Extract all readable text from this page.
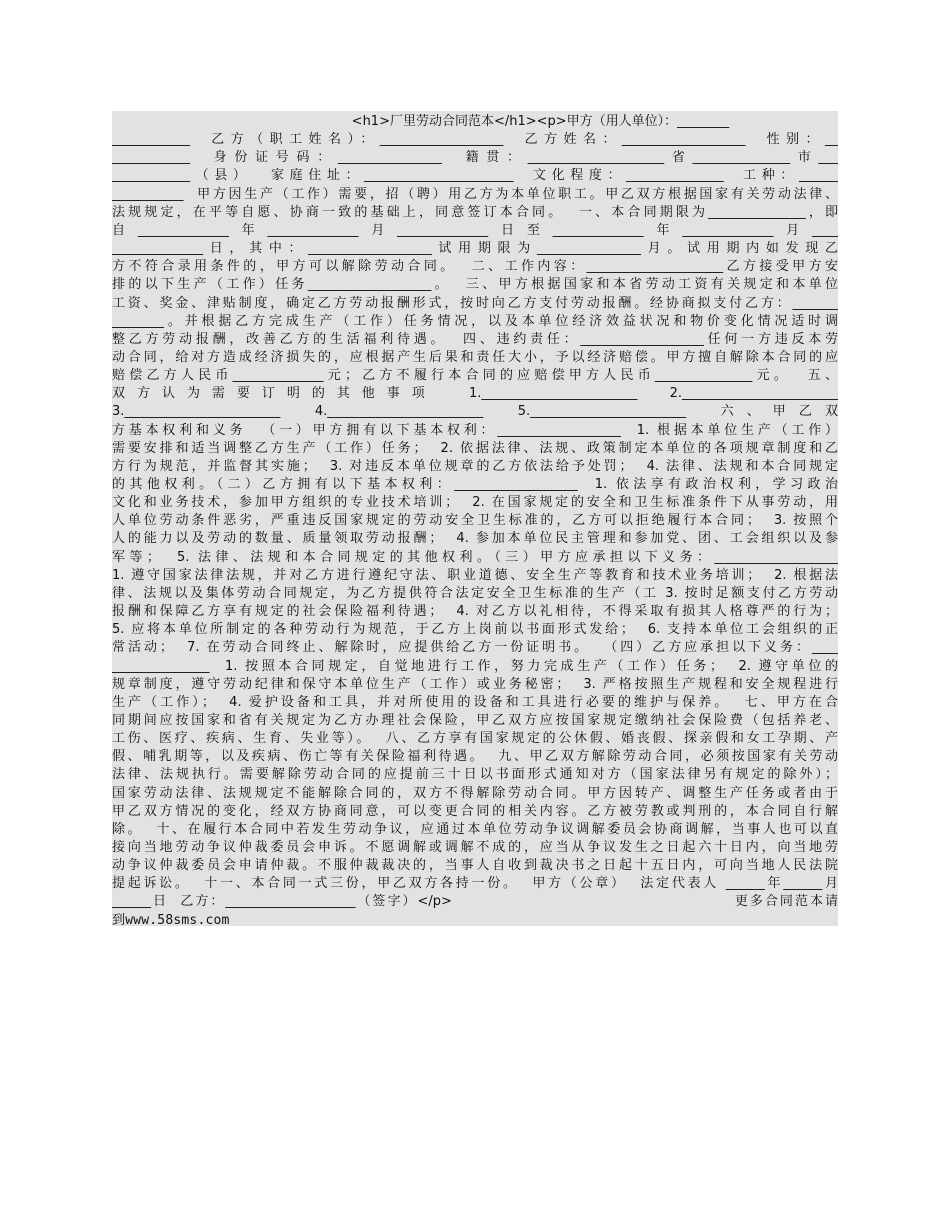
<h1>厂里劳动合同范本</h1><p>甲方（用人单位）：________
____________  乙方（职工姓名）：___________________  乙方姓名：___________________  性别：__
____________  身份证号码：________________  籍贯：_____________________省_______________市___
____________（县）  家庭住址：_______________________  文化程度：_______________  工种：______
___________  甲方因生产（工作）需要，招（聘）用乙方为本单位职工。甲乙双方根据国家有关劳动法律、
法规规定，在平等自愿、协商一致的基础上，同意签订本合同。  一、本合同期限为_______________，即
自______________年______________月______________日至______________年______________月____
______________日，其中：___________________试用期限为________________月。试用期内如发现乙
方不符合录用条件的，甲方可以解除劳动合同。  二、工作内容：_____________________乙方接受甲方安
排的以下生产（工作）任务___________________。  三、甲方根据国家和本省劳动工资有关规定和本单位
工资、奖金、津贴制度，确定乙方劳动报酬形式，按时向乙方支付劳动报酬。经协商拟支付乙方：_______
________。并根据乙方完成生产（工作）任务情况，以及本单位经济效益状况和物价变化情况适时调
整乙方劳动报酬，改善乙方的生活福利待遇。  四、违约责任：___________________任何一方违反本劳
动合同，给对方造成经济损失的，应根据产生后果和责任大小，予以经济赔偿。甲方擅自解除本合同的应
赔偿乙方人民币______________元；乙方不履行本合同的应赔偿甲方人民币_______________元。  五、
双方认为需要订明的其他事项  1.________________________  2.________________________
3.________________________  4.________________________  5.________________________  六、甲乙双
方基本权利和义务  （一）甲方拥有以下基本权利：___________________  1. 根据本单位生产（工作）
需要安排和适当调整乙方生产（工作）任务；  2. 依据法律、法规、政策制定本单位的各项规章制度和乙
方行为规范，并监督其实施；  3. 对违反本单位规章的乙方依法给予处罚；  4. 法律、法规和本合同规定
的其他权利。（二）乙方拥有以下基本权利：___________________  1. 依法享有政治权利，学习政治
文化和业务技术，参加甲方组织的专业技术培训；  2. 在国家规定的安全和卫生标准条件下从事劳动，用
人单位劳动条件恶劣，严重违反国家规定的劳动安全卫生标准的，乙方可以拒绝履行本合同；  3. 按照个
人的能力以及劳动的数量、质量领取劳动报酬；  4. 参加本单位民主管理和参加党、团、工会组织以及参
军等；  5. 法律、法规和本合同规定的其他权利。（三）甲方应承担以下义务：___________________
1. 遵守国家法律法规，并对乙方进行遵纪守法、职业道德、安全生产等教育和技术业务培训；  2. 根据法
律、法规以及集体劳动合同规定，为乙方提供符合法定安全卫生标准的生产（工 3. 按时足额支付乙方劳动
报酬和保障乙方享有规定的社会保险福利待遇；  4. 对乙方以礼相待，不得采取有损其人格尊严的行为；
5. 应将本单位所制定的各种劳动行为规范，于乙方上岗前以书面形式发给；  6. 支持本单位工会组织的正
常活动；  7. 在劳动合同终止、解除时，应提供给乙方一份证明书。  （四）乙方应承担以下义务：____
_______________  1. 按照本合同规定，自觉地进行工作，努力完成生产（工作）任务；  2. 遵守单位的
规章制度，遵守劳动纪律和保守本单位生产（工作）或业务秘密；  3. 严格按照生产规程和安全规程进行
生产（工作）；  4. 爱护设备和工具，并对所使用的设备和工具进行必要的维护与保养。  七、甲方在合
同期间应按国家和省有关规定为乙方办理社会保险，甲乙双方应按国家规定缴纳社会保险费（包括养老、
工伤、医疗、疾病、生育、失业等）。  八、乙方享有国家规定的公休假、婚丧假、探亲假和女工孕期、产
假、哺乳期等，以及疾病、伤亡等有关保险福利待遇。  九、甲乙双方解除劳动合同，必须按国家有关劳动
法律、法规执行。需要解除劳动合同的应提前三十日以书面形式通知对方（国家法律另有规定的除外）；
国家劳动法律、法规规定不能解除合同的，双方不得解除劳动合同。甲方因转产、调整生产任务或者由于
甲乙双方情况的变化，经双方协商同意，可以变更合同的相关内容。乙方被劳教或判刑的，本合同自行解
除。  十、在履行本合同中若发生劳动争议，应通过本单位劳动争议调解委员会协商调解，当事人也可以直
接向当地劳动争议仲裁委员会申诉。不愿调解或调解不成的，应当从争议发生之日起六十日内，向当地劳
动争议仲裁委员会申请仲裁。不服仲裁裁决的，当事人自收到裁决书之日起十五日内，可向当地人民法院
提起诉讼。  十一、本合同一式三份，甲乙双方各持一份。  甲方（公章）  法定代表人 ______年______月
______日  乙方：____________________（签字）</p>                                              更多合同范本请
到www.58sms.com
